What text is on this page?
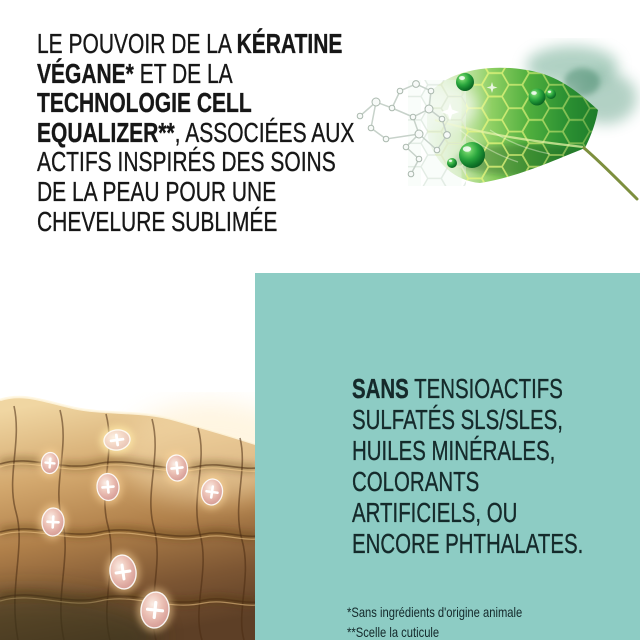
LE POUVOIR DE LA KÉRATINE
VÉGANE* ET DE LA
TECHNOLOGIE CELL
EQUALIZER**, ASSOCIÉES AUX
ACTIFS INSPIRÉS DES SOINS
DE LA PEAU POUR UNE
CHEVELURE SUBLIMÉE
SANS TENSIOACTIFS
SULFATÉS SLS/SLES,
HUILES MINÉRALES,
COLORANTS
ARTIFICIELS, OU
ENCORE PHTHALATES.
*Sans ingrédients d'origine animale
**Scelle la cuticule
